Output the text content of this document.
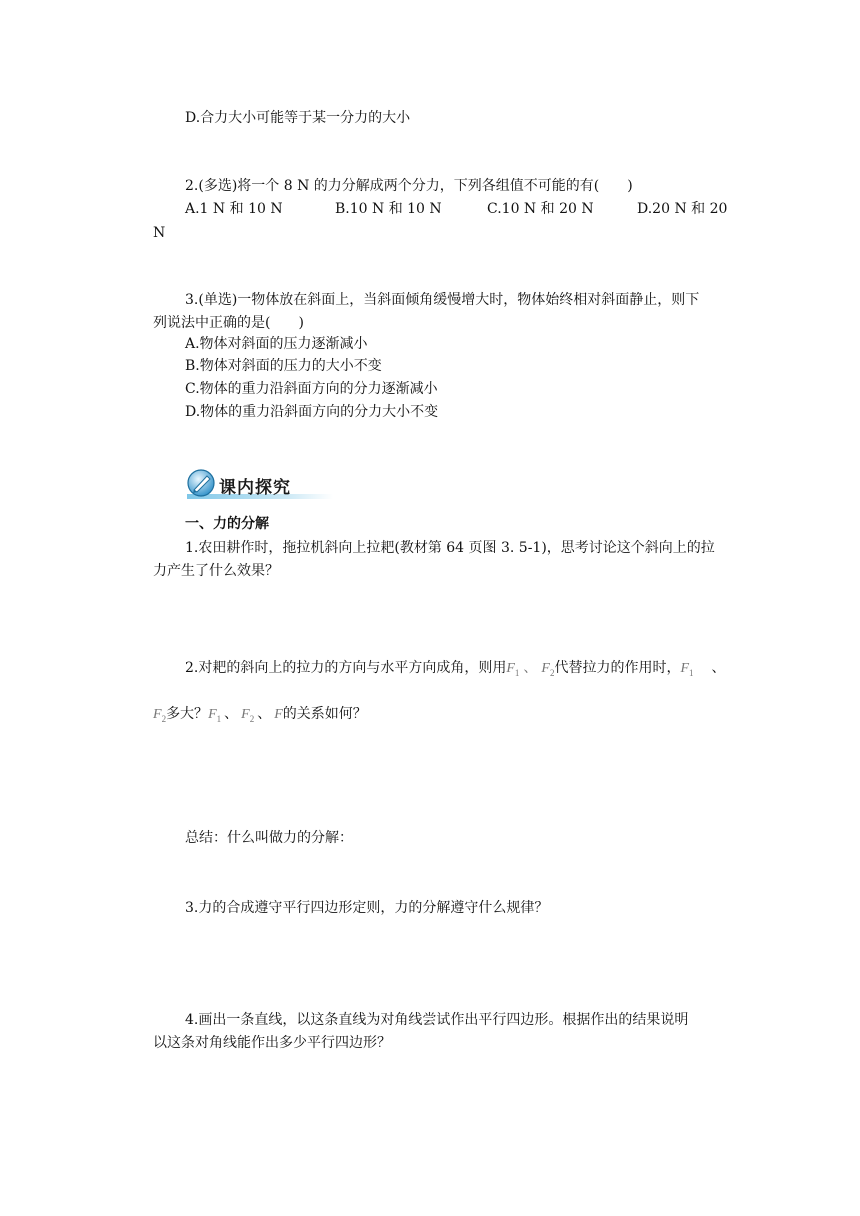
D.合力大小可能等于某一分力的大小
2.(多选)将一个 8 N 的力分解成两个分力，下列各组值不可能的有(　　)
A.1 N 和 10 N	B.10 N 和 10 N	C.10 N 和 20 N	D.20 N 和 20
N
3.(单选)一物体放在斜面上，当斜面倾角缓慢增大时，物体始终相对斜面静止，则下
列说法中正确的是(　　)
A.物体对斜面的压力逐渐减小
B.物体对斜面的压力的大小不变
C.物体的重力沿斜面方向的分力逐渐减小
D.物体的重力沿斜面方向的分力大小不变
课内探究
一、力的分解
1.农田耕作时，拖拉机斜向上拉耙(教材第 64 页图 3. 5-1)，思考讨论这个斜向上的拉
力产生了什么效果？
2.对耙的斜向上的拉力的方向与水平方向成角，则用$F_1$ 、 $F_2$代替拉力的作用时，$F_1$ 、
$F_2$多大？$F_1$ 、 $F_2$ 、 F的关系如何？
总结：什么叫做力的分解：
3.力的合成遵守平行四边形定则，力的分解遵守什么规律？
4.画出一条直线，以这条直线为对角线尝试作出平行四边形。根据作出的结果说明
以这条对角线能作出多少平行四边形？
